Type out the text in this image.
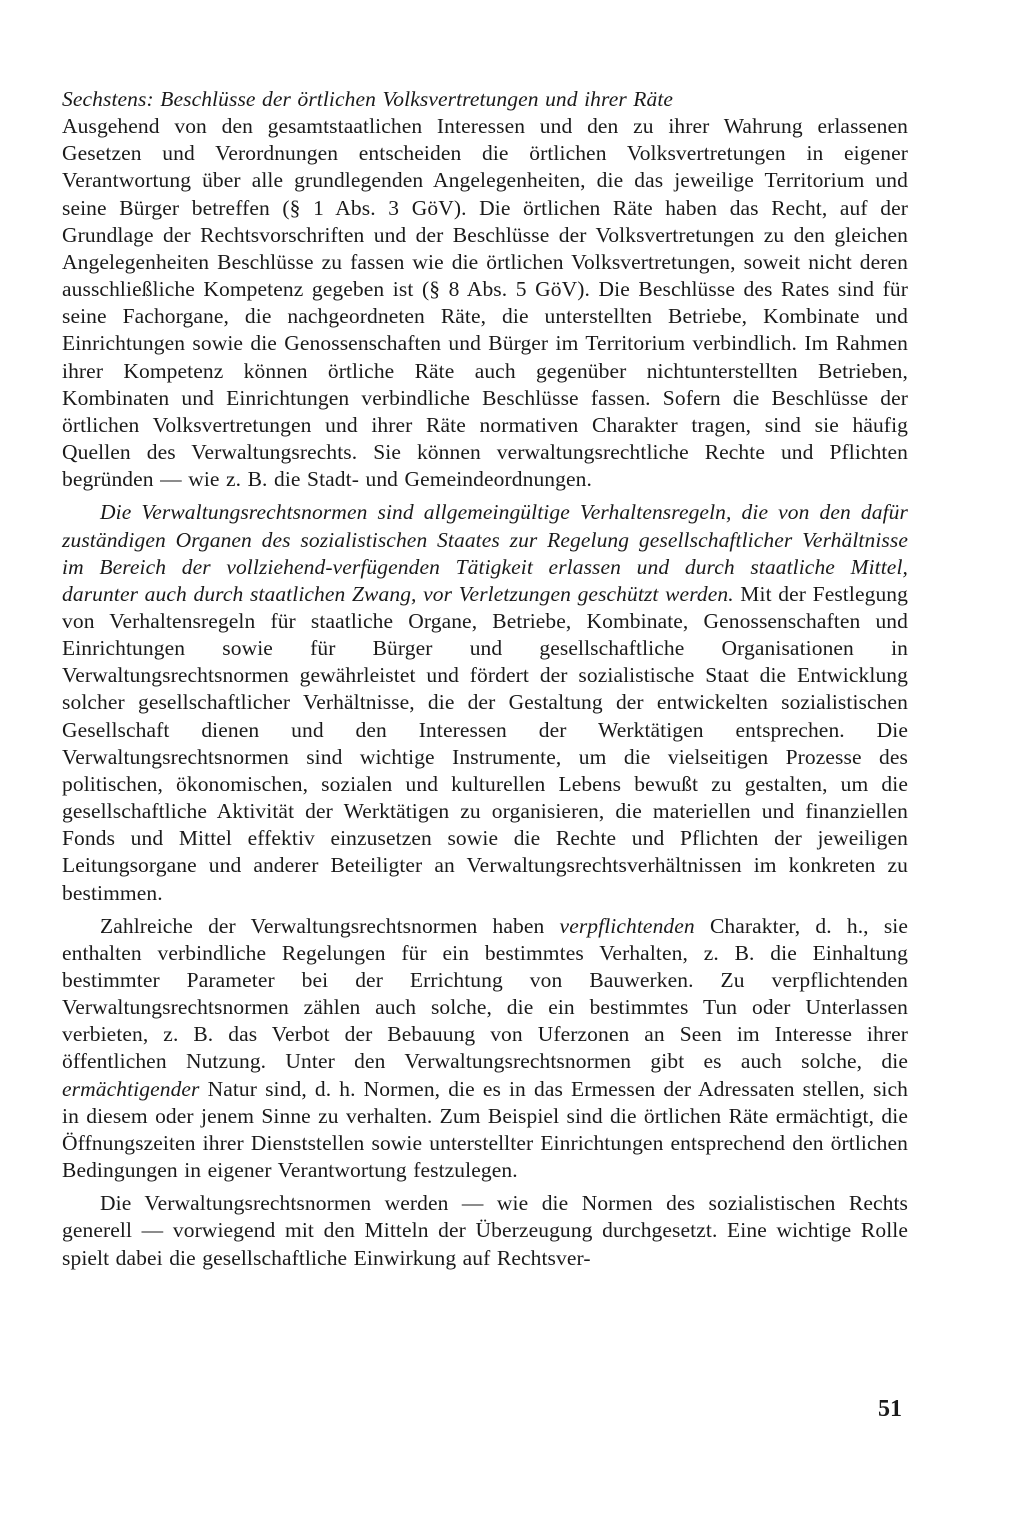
Sechstens: Beschlüsse der örtlichen Volksvertretungen und ihrer Räte

Ausgehend von den gesamtstaatlichen Interessen und den zu ihrer Wahrung erlassenen Gesetzen und Verordnungen entscheiden die örtlichen Volksvertretungen in eigener Verantwortung über alle grundlegenden Angelegenheiten, die das jeweilige Territorium und seine Bürger betreffen (§ 1 Abs. 3 GöV). Die örtlichen Räte haben das Recht, auf der Grundlage der Rechtsvorschriften und der Beschlüsse der Volksvertretungen zu den gleichen Angelegenheiten Beschlüsse zu fassen wie die örtlichen Volksvertretungen, soweit nicht deren ausschließliche Kompetenz gegeben ist (§ 8 Abs. 5 GöV). Die Beschlüsse des Rates sind für seine Fachorgane, die nachgeordneten Räte, die unterstellten Betriebe, Kombinate und Einrichtungen sowie die Genossenschaften und Bürger im Territorium verbindlich. Im Rahmen ihrer Kompetenz können örtliche Räte auch gegenüber nichtunterstellten Betrieben, Kombinaten und Einrichtungen verbindliche Beschlüsse fassen. Sofern die Beschlüsse der örtlichen Volksvertretungen und ihrer Räte normativen Charakter tragen, sind sie häufig Quellen des Verwaltungsrechts. Sie können verwaltungsrechtliche Rechte und Pflichten begründen — wie z. B. die Stadt- und Gemeindeordnungen.

Die Verwaltungsrechtsnormen sind allgemeingültige Verhaltensregeln, die von den dafür zuständigen Organen des sozialistischen Staates zur Regelung gesellschaftlicher Verhältnisse im Bereich der vollziehend-verfügenden Tätigkeit erlassen und durch staatliche Mittel, darunter auch durch staatlichen Zwang, vor Verletzungen geschützt werden. Mit der Festlegung von Verhaltensregeln für staatliche Organe, Betriebe, Kombinate, Genossenschaften und Einrichtungen sowie für Bürger und gesellschaftliche Organisationen in Verwaltungsrechtsnormen gewährleistet und fördert der sozialistische Staat die Entwicklung solcher gesellschaftlicher Verhältnisse, die der Gestaltung der entwickelten sozialistischen Gesellschaft dienen und den Interessen der Werktätigen entsprechen. Die Verwaltungsrechtsnormen sind wichtige Instrumente, um die vielseitigen Prozesse des politischen, ökonomischen, sozialen und kulturellen Lebens bewußt zu gestalten, um die gesellschaftliche Aktivität der Werktätigen zu organisieren, die materiellen und finanziellen Fonds und Mittel effektiv einzusetzen sowie die Rechte und Pflichten der jeweiligen Leitungsorgane und anderer Beteiligter an Verwaltungsrechtsverhältnissen im konkreten zu bestimmen.

Zahlreiche der Verwaltungsrechtsnormen haben verpflichtenden Charakter, d. h., sie enthalten verbindliche Regelungen für ein bestimmtes Verhalten, z. B. die Einhaltung bestimmter Parameter bei der Errichtung von Bauwerken. Zu verpflichtenden Verwaltungsrechtsnormen zählen auch solche, die ein bestimmtes Tun oder Unterlassen verbieten, z. B. das Verbot der Bebauung von Uferzonen an Seen im Interesse ihrer öffentlichen Nutzung. Unter den Verwaltungsrechtsnormen gibt es auch solche, die ermächtigender Natur sind, d. h. Normen, die es in das Ermessen der Adressaten stellen, sich in diesem oder jenem Sinne zu verhalten. Zum Beispiel sind die örtlichen Räte ermächtigt, die Öffnungszeiten ihrer Dienststellen sowie unterstellter Einrichtungen entsprechend den örtlichen Bedingungen in eigener Verantwortung festzulegen.

Die Verwaltungsrechtsnormen werden — wie die Normen des sozialistischen Rechts generell — vorwiegend mit den Mitteln der Überzeugung durchgesetzt. Eine wichtige Rolle spielt dabei die gesellschaftliche Einwirkung auf Rechtsver-

51
